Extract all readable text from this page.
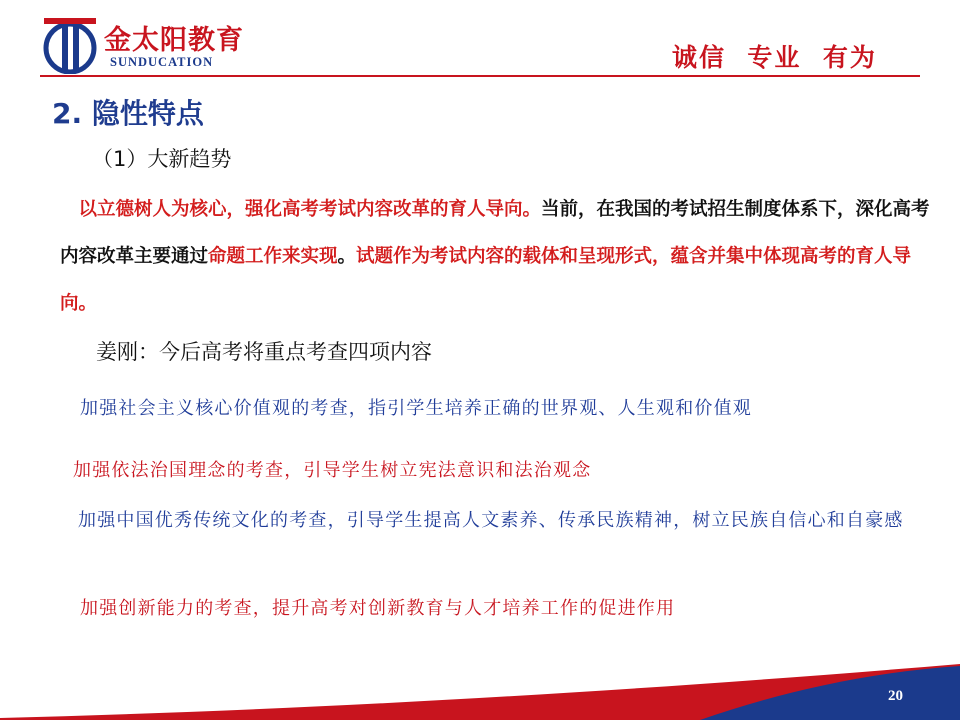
金太阳教育
SUNDUCATION	诚信  专业  有为
2. 隐性特点
（1）大新趋势
 以立德树人为核心，强化高考考试内容改革的育人导向。当前，在我国的考试招生制度体系下，深化高考内容改革主要通过命题工作来实现。试题作为考试内容的载体和呈现形式，蕴含并集中体现高考的育人导向。
姜刚：今后高考将重点考查四项内容
加强社会主义核心价值观的考查，指引学生培养正确的世界观、人生观和价值观
加强依法治国理念的考查，引导学生树立宪法意识和法治观念
加强中国优秀传统文化的考查，引导学生提高人文素养、传承民族精神，树立民族自信心和自豪感
加强创新能力的考查，提升高考对创新教育与人才培养工作的促进作用
20
